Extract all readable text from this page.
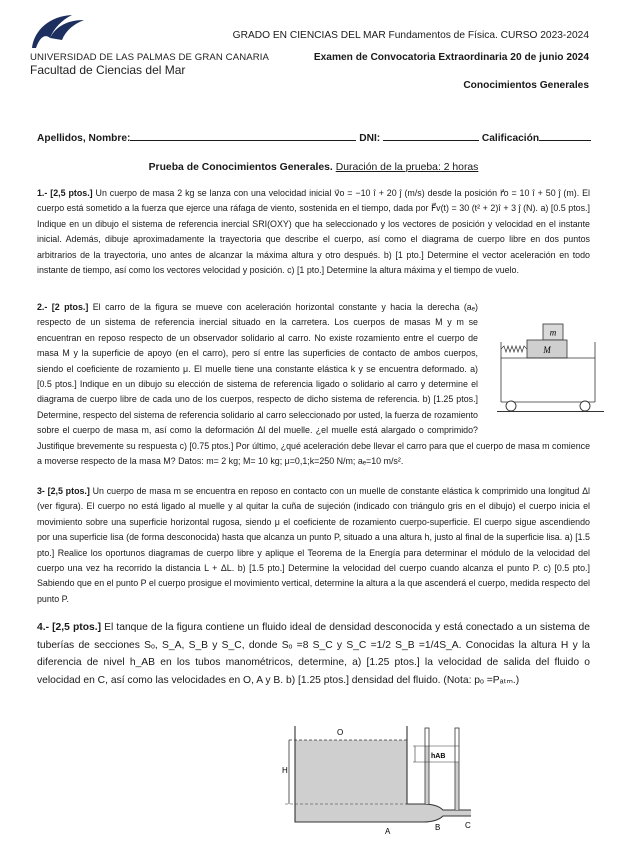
UNIVERSIDAD DE LAS PALMAS DE GRAN CANARIA
Facultad de Ciencias del Mar
GRADO EN CIENCIAS DEL MAR Fundamentos de Física. CURSO 2023-2024
Examen de Convocatoria Extraordinaria 20 de junio 2024
Conocimientos Generales
Apellidos, Nombre:	DNI:	Calificación
Prueba de Conocimientos Generales. Duración de la prueba: 2 horas
1.- [2,5 ptos.] Un cuerpo de masa 2 kg se lanza con una velocidad inicial v⃗o = −10 î + 20 ĵ (m/s) desde la posición r⃗o = 10 î + 50 ĵ (m). El cuerpo está sometido a la fuerza que ejerce una ráfaga de viento, sostenida en el tiempo, dada por F⃗v(t) = 30 (t² + 2)î + 3 ĵ (N). a) [0.5 ptos.] Indique en un dibujo el sistema de referencia inercial SRI(OXY) que ha seleccionado y los vectores de posición y velocidad en el instante inicial. Además, dibuje aproximadamente la trayectoria que describe el cuerpo, así como el diagrama de cuerpo libre en dos puntos arbitrarios de la trayectoria, uno antes de alcanzar la máxima altura y otro después. b) [1 pto.] Determine el vector aceleración en todo instante de tiempo, así como los vectores velocidad y posición. c) [1 pto.] Determine la altura máxima y el tiempo de vuelo.
2.- [2 ptos.] El carro de la figura se mueve con aceleración horizontal constante y hacia la derecha (aₑ) respecto de un sistema de referencia inercial situado en la carretera. Los cuerpos de masas M y m se encuentran en reposo respecto de un observador solidario al carro. No existe rozamiento entre el cuerpo de masa M y la superficie de apoyo (en el carro), pero sí entre las superficies de contacto de ambos cuerpos, siendo el coeficiente de rozamiento μ. El muelle tiene una constante elástica k y se encuentra deformado. a) [0.5 ptos.] Indique en un dibujo su elección de sistema de referencia ligado o solidario al carro y determine el diagrama de cuerpo libre de cada uno de los cuerpos, respecto de dicho sistema de referencia. b) [1.25 ptos.] Determine, respecto del sistema de referencia solidario al carro seleccionado por usted, la fuerza de rozamiento sobre el cuerpo de masa m, así como la deformación Δl del muelle. ¿el muelle está alargado o comprimido? Justifique brevemente su respuesta c) [0.75 ptos.] Por último, ¿qué aceleración debe llevar el carro para que el cuerpo de masa m comience a moverse respecto de la masa M? Datos: m= 2 kg; M= 10 kg; μ=0,1;k=250 N/m; aₑ=10 m/s².
m
M
3- [2,5 ptos.] Un cuerpo de masa m se encuentra en reposo en contacto con un muelle de constante elástica k comprimido una longitud Δl (ver figura). El cuerpo no está ligado al muelle y al quitar la cuña de sujeción (indicado con triángulo gris en el dibujo) el cuerpo inicia el movimiento sobre una superficie horizontal rugosa, siendo μ el coeficiente de rozamiento cuerpo-superficie. El cuerpo sigue ascendiendo por una superficie lisa (de forma desconocida) hasta que alcanza un punto P, situado a una altura h, justo al final de la superficie lisa. a) [1.5 pto.] Realice los oportunos diagramas de cuerpo libre y aplique el Teorema de la Energía para determinar el módulo de la velocidad del cuerpo una vez ha recorrido la distancia L + ΔL. b) [1.5 pto.] Determine la velocidad del cuerpo cuando alcanza el punto P. c) [0.5 pto.] Sabiendo que en el punto P el cuerpo prosigue el movimiento vertical, determine la altura a la que ascenderá el cuerpo, medida respecto del punto P.
4.- [2,5 ptos.] El tanque de la figura contiene un fluido ideal de densidad desconocida y está conectado a un sistema de tuberías de secciones Sₒ, S_A, S_B y S_C, donde Sₒ =8 S_C y S_C =1/2 S_B =1/4S_A. Conocidas la altura H y la diferencia de nivel h_AB en los tubos manométricos, determine, a) [1.25 ptos.] la velocidad de salida del fluido o velocidad en C, así como las velocidades en O, A y B. b) [1.25 ptos.] densidad del fluido. (Nota: pₒ =Pₐₜₘ.)
H
O
hAB
A	B	C
